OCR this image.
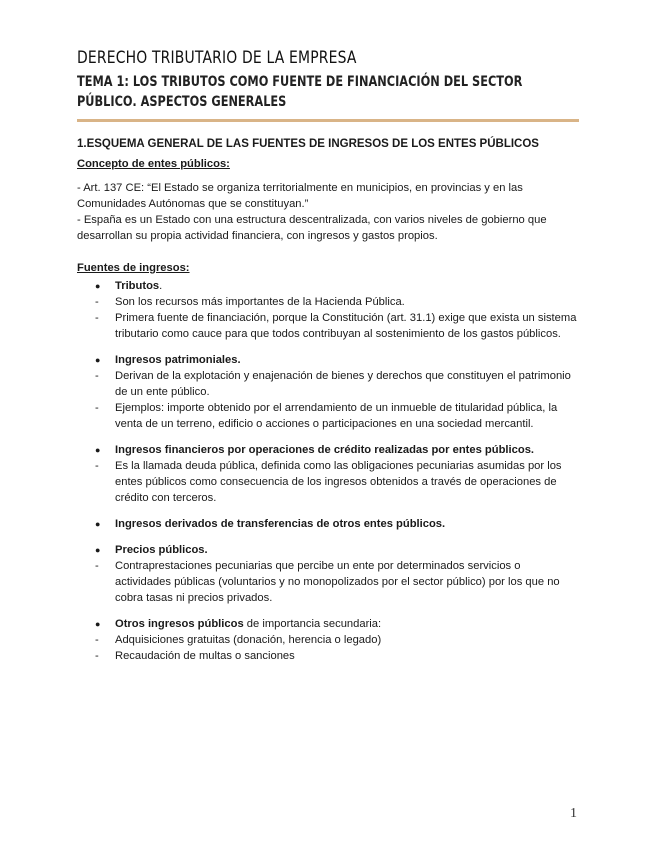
DERECHO TRIBUTARIO DE LA EMPRESA
TEMA 1: LOS TRIBUTOS COMO FUENTE DE FINANCIACIÓN DEL SECTOR PÚBLICO. ASPECTOS GENERALES
1.ESQUEMA GENERAL DE LAS FUENTES DE INGRESOS DE LOS ENTES PÚBLICOS
Concepto de entes públicos:

- Art. 137 CE: “El Estado se organiza territorialmente en municipios, en provincias y en las Comunidades Autónomas que se constituyan.”

- España es un Estado con una estructura descentralizada, con varios niveles de gobierno que desarrollan su propia actividad financiera, con ingresos y gastos propios.

Fuentes de ingresos:
●	Tributos.
-	Son los recursos más importantes de la Hacienda Pública.
-	Primera fuente de financiación, porque la Constitución (art. 31.1) exige que exista un sistema tributario como cauce para que todos contribuyan al sostenimiento de los gastos públicos.
●	Ingresos patrimoniales.
-	Derivan de la explotación y enajenación de bienes y derechos que constituyen el patrimonio de un ente público.
-	Ejemplos: importe obtenido por el arrendamiento de un inmueble de titularidad pública, la venta de un terreno, edificio o acciones o participaciones en una sociedad mercantil.
●	Ingresos financieros por operaciones de crédito realizadas por entes públicos.
-	Es la llamada deuda pública, definida como las obligaciones pecuniarias asumidas por los entes públicos como consecuencia de los ingresos obtenidos a través de operaciones de crédito con terceros.
●	Ingresos derivados de transferencias de otros entes públicos.
●	Precios públicos.
-	Contraprestaciones pecuniarias que percibe un ente por determinados servicios o actividades públicas (voluntarios y no monopolizados por el sector público) por los que no cobra tasas ni precios privados.
●	Otros ingresos públicos de importancia secundaria:
-	Adquisiciones gratuitas (donación, herencia o legado)
-	Recaudación de multas o sanciones
1
